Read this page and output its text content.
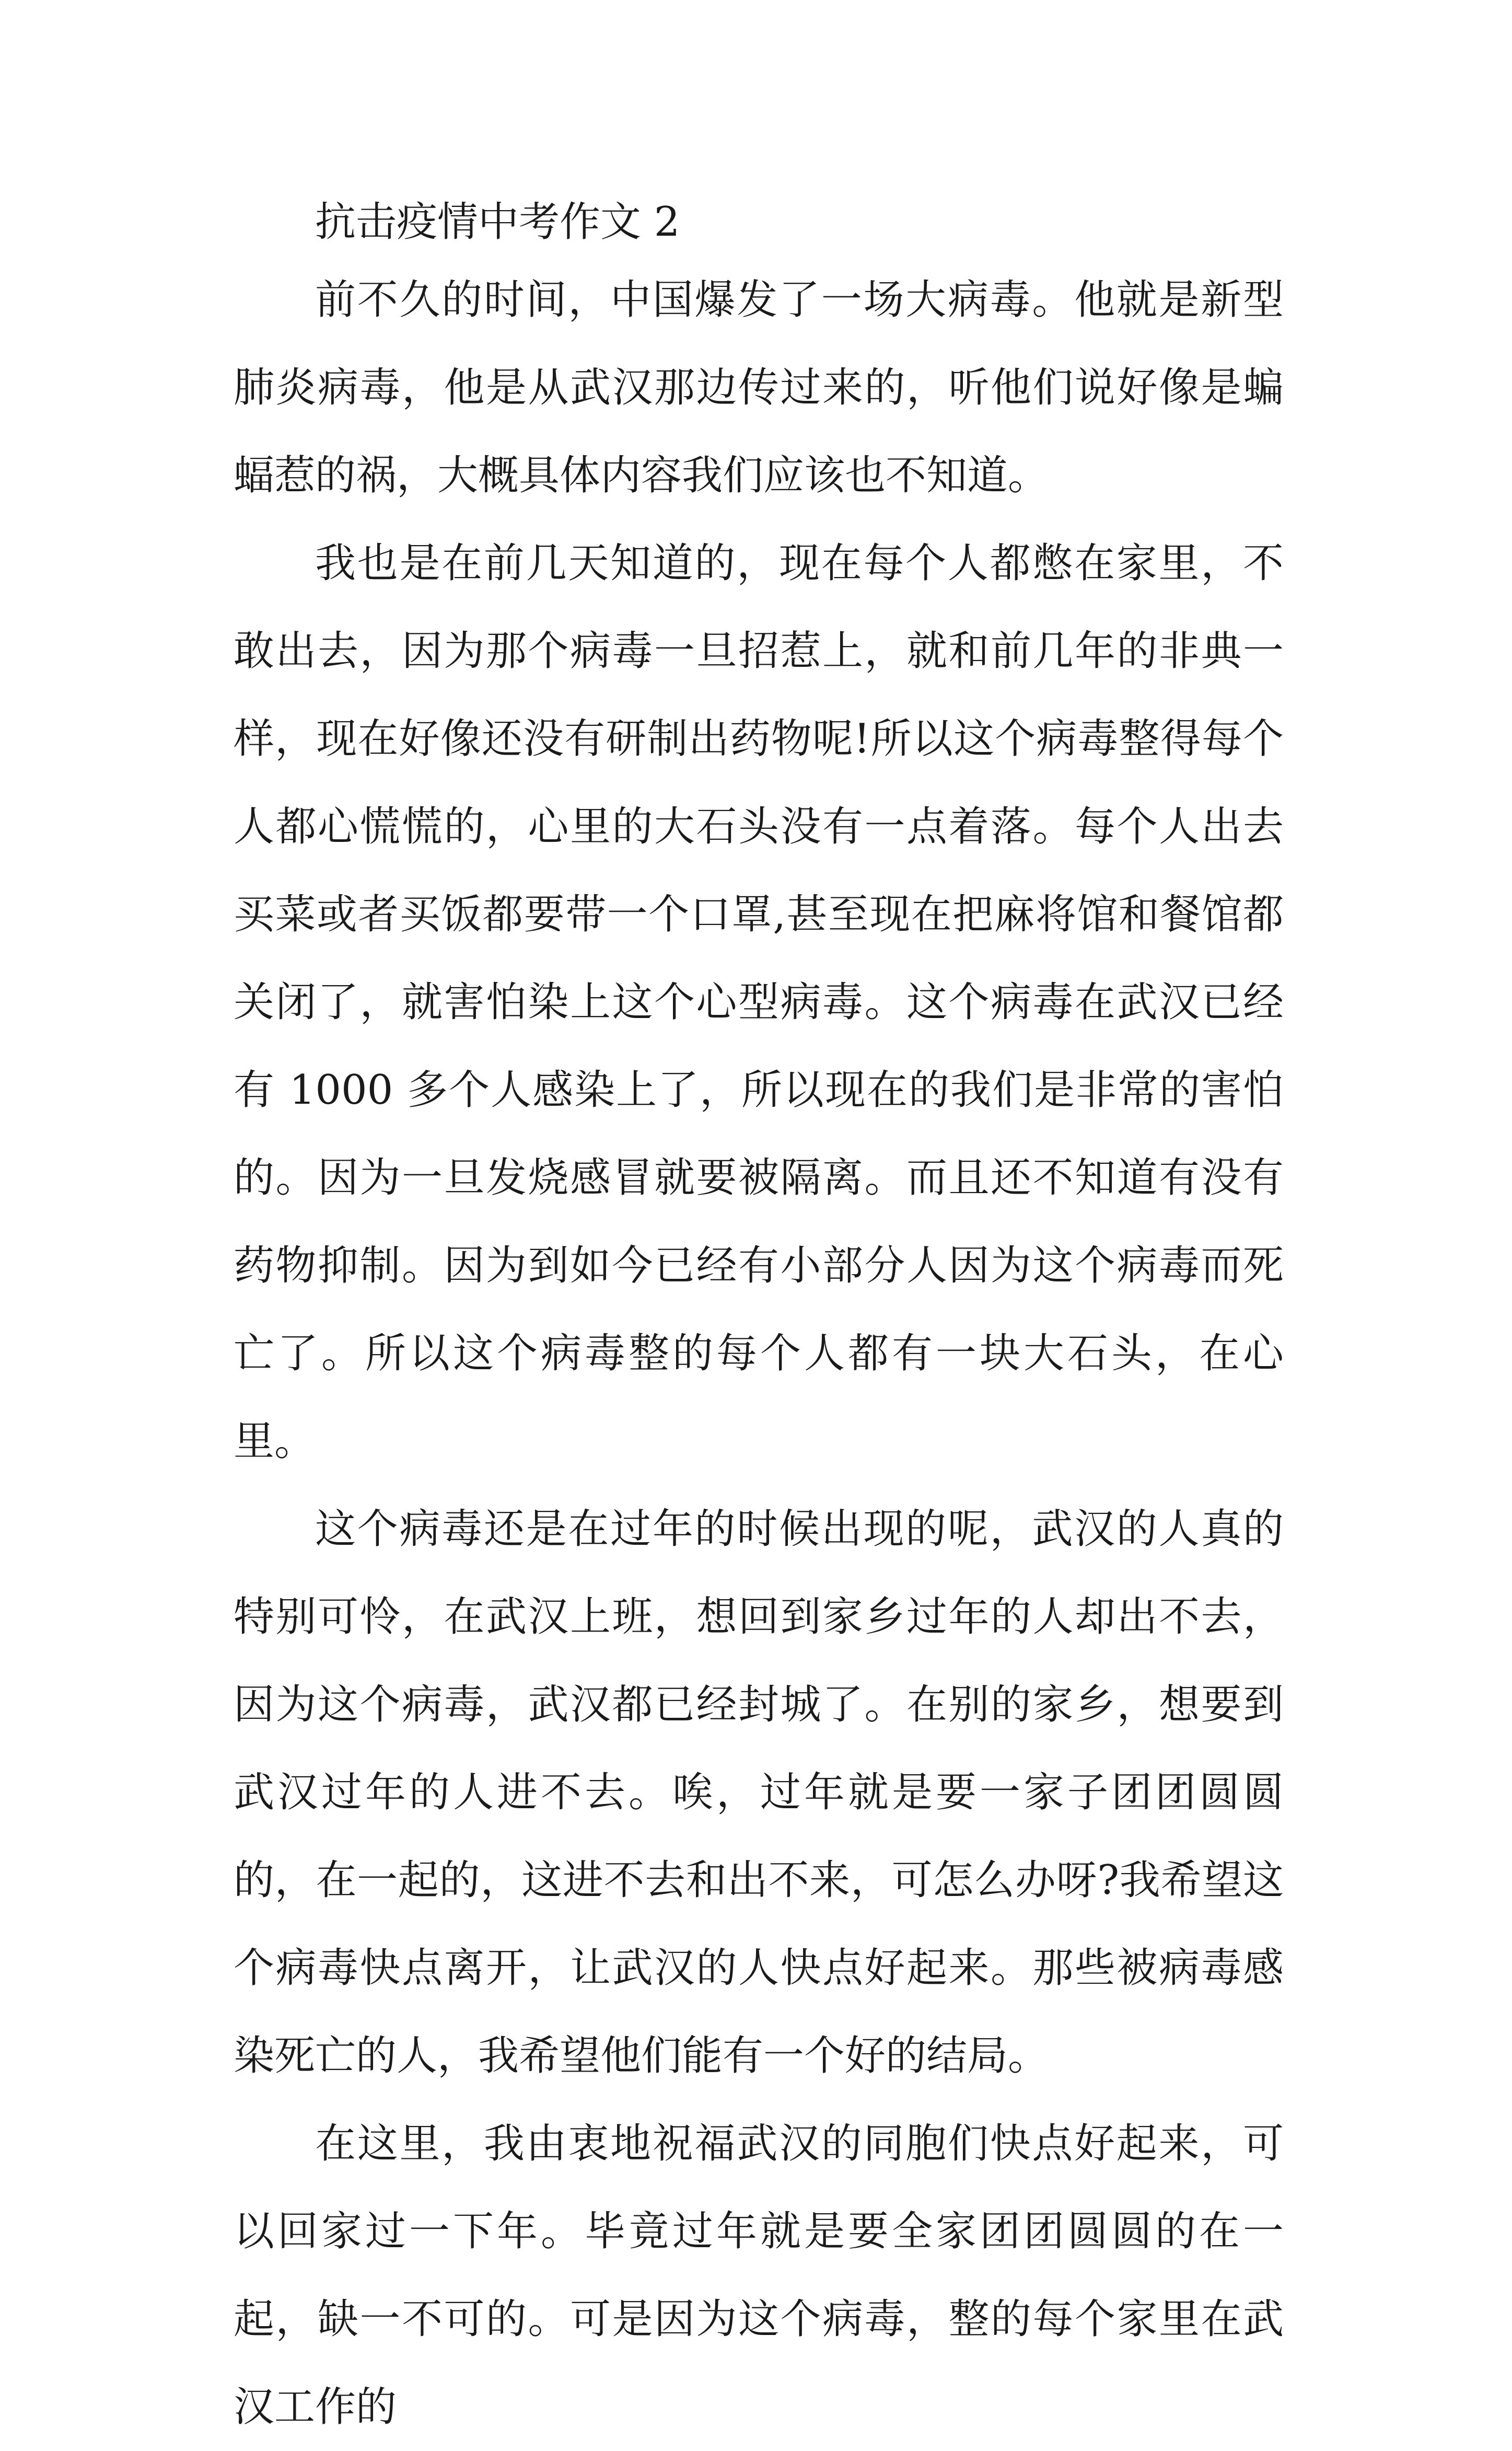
抗击疫情中考作文 2

前不久的时间，中国爆发了一场大病毒。他就是新型肺炎病毒，他是从武汉那边传过来的，听他们说好像是蝙蝠惹的祸，大概具体内容我们应该也不知道。

我也是在前几天知道的，现在每个人都憋在家里，不敢出去，因为那个病毒一旦招惹上，就和前几年的非典一样，现在好像还没有研制出药物呢!所以这个病毒整得每个人都心慌慌的，心里的大石头没有一点着落。每个人出去买菜或者买饭都要带一个口罩,甚至现在把麻将馆和餐馆都关闭了，就害怕染上这个心型病毒。这个病毒在武汉已经有 1000 多个人感染上了，所以现在的我们是非常的害怕的。因为一旦发烧感冒就要被隔离。而且还不知道有没有药物抑制。因为到如今已经有小部分人因为这个病毒而死亡了。所以这个病毒整的每个人都有一块大石头，在心里。

这个病毒还是在过年的时候出现的呢，武汉的人真的特别可怜，在武汉上班，想回到家乡过年的人却出不去，因为这个病毒，武汉都已经封城了。在别的家乡，想要到武汉过年的人进不去。唉，过年就是要一家子团团圆圆的，在一起的，这进不去和出不来，可怎么办呀?我希望这个病毒快点离开，让武汉的人快点好起来。那些被病毒感染死亡的人，我希望他们能有一个好的结局。

在这里，我由衷地祝福武汉的同胞们快点好起来，可以回家过一下年。毕竟过年就是要全家团团圆圆的在一起，缺一不可的。可是因为这个病毒，整的每个家里在武汉工作的
